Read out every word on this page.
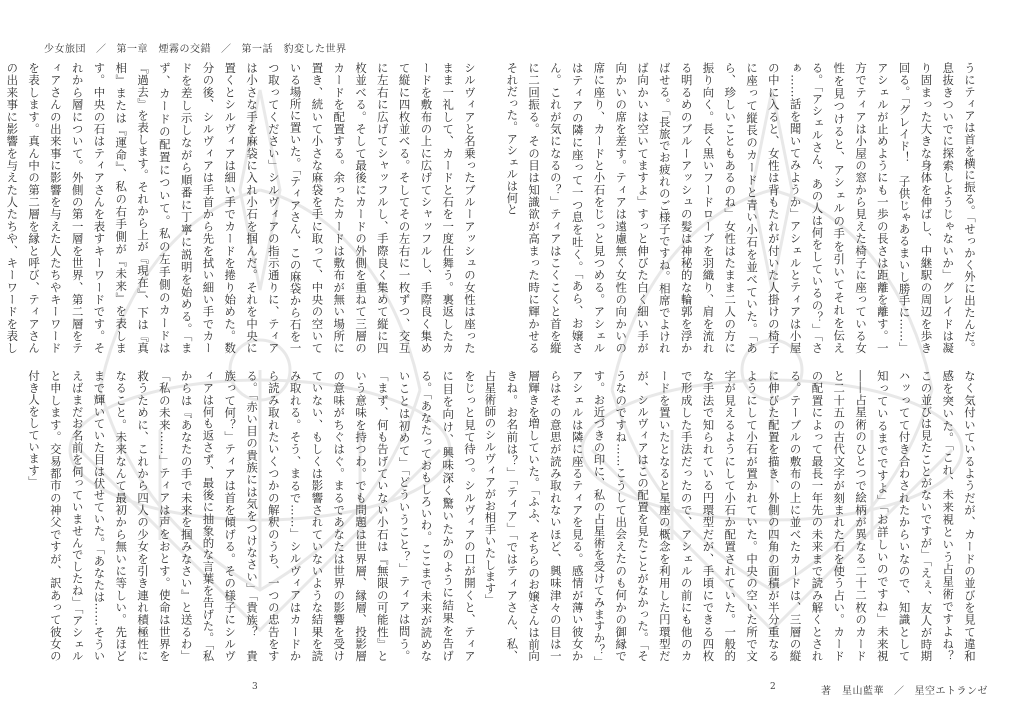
少女旅団 ／ 第一章　煙霧の交錯 ／ 第一話　豹変した世界

シルヴィアと名乗ったブルーアッシュの女性は座ったまま一礼して、カードと石を一度仕舞う。裏返したカードを敷布の上に広げてシャッフルし、手際良く集めて縦に四枚並べる。そしてその左右に一枚ずつ、交互に左右に広げてシャッフルし、手際良く集めて縦に四枚並べる。そして最後にカードの外側を重ねて三層のカードを配置する。余ったカードは敷布が無い場所に置き、続いて小さな麻袋を手に取って、中央の空いている場所に置いた。「ティアさん、この麻袋から石を一つ取ってください」シルヴィアの指示通りに、ティアは小さな手を麻袋に入れ小石を掴んだ。それを中央に置くとシルヴィアは細い手でカードを捲り始めた。数分の後、シルヴィアは手首から先を拭い細い手でカードを差し示しながら順番に丁寧に説明を始める。「まず、カードの配置について。私の左手側のカードは『過去』を表します。それから上が『現在』、下は『真相』または『運命』、私の右手側が『未来』を表します。中央の石はティアさんを表すキーワードです。それから層について。外側の第一層を世界、第二層をティアさんの出来事に影響を与えた人たちやキーワードを表します。真ん中の第二層を縁と呼び、ティアさんの出来事に影響を与えた人たちや、キーワードを表し

をじっと見て待つ。シルヴィアの口が開くと、ティアに目を向け、興味深く驚いたかのように結果を告げる。「あなたっておもしろいわ。ここまで未来が読めないことは初めて」「どういうこと？」ティアは問う。「まず、何も告げていない小石は『無限の可能性』という意味を持つわ。でも問題は世界層、縁層、投影層の意味がちぐはぐ。まるであなたは世界の影響を受けていない、もしくは影響されていないような結果を読み取れる。そう、まるで……」シルヴィアはカードから読み取れたいくつかの解釈のうち、一つの忠告をする。「赤い目の貴族には気をつけなさい」「貴族？　貴族って何？」ティアは首を傾げる。その様子にシルヴィアは何も返さず、最後に抽象的な言葉を告げた。「私からは『あなたの手で未来を掴みなさい』と送るわ」「私の未来……」ティアは声をおとす。使命は世界を救うために、これから四人の少女を引き連れ積極性になること。未来なんて最初から無いに等しい。先ほどまで輝いていた目は伏せていた。「あなたは……そういえばまだお名前を伺っていませんでしたね」「アシェルと申します。交易都市の神父ですが、訳あって彼女の付き人をしています」

3

うにティアは首を横に振る。「せっかく外に出たんだ。息抜きついでに探索しようじゃないか」グレイドは凝り固まった大きな身体を伸ばし、中継駅の周辺を歩き回る。「グレイド！　子供じゃあるまいし勝手に……」アシェルが止めようにも一歩の長さは距離を離す。一方でティアは小屋の窓から見えた椅子に座っている女性を見つけると、アシェルの手を引いてそれを伝える。「アシェルさん、あの人は何をしているの？」「さぁ……話を聞いてみようか」アシェルとティアは小屋の中に入ると、女性は背もたれが付いた人掛けの椅子に座って縦長のカードと青い小石を並べていた。「あら、珍しいこともあるのね」女性はたまま二人の方に振り向く。長く黒いフードローブを羽織り、肩を流れる明るめのブルーアッシュの髪は神秘的な輪郭を浮かばせる。「長旅でお疲れのご様子ですね。相席でよければ向かいは空いてますよ」すっと伸びた白く細い手が向かいの席を差す。ティアは遠慮無く女性の向かいの席に座り、カードと小石をじっと見つめる。アシェルはティアの隣に座って一つ息を吐く。「あら、お嬢さん。これが気になるの？」ティアはこくこくと首を縦に二回振る。その目は知識欲が高まった時に輝かせるそれだった。アシェルは何と

なく気付いているようだが、カードの並びを見て違和感を突いた。「これ、未来視という占星術ですよね？　この並びは見たことがないですが」「えぇ、友人が時期ハッってて付き合わされたからいなので、知識として知っているまでですよ」「お詳しいのですね」未来視――占星術のひとつで絵柄が異なる二十二枚のカードと二十五の古代文字が刻まれた石を使う占い。カードの配置によって最長一年先の未来まで読み解くとされる。テーブルの敷布の上に並べたカードは、三層の縦に伸びた配置を描き、外側の四角の面積が半分重なるようにして小石が置かれていた。中央の空いた所で文字が見えるようにして小石か配置されていた。一般的な手法で知られている円環型だが、手頃にできる四枚で形成した手法だったので、アシェルの前にも他のカードを置いたとなると星座の概念を利用した円環型だが、シルヴィアはこの配置を見たことがなかった。「そうなのですね……こうして出会えたのも何かの御縁です。お近づきの印に、私の占星術を受けてみますか？」アシェルは隣に座るティアを見る。感情が薄い彼女からはその意思が読み取れないほど、興味津々の目は一層輝きを増していた。「ふふ、そちらのお嬢さんは前向きね。お名前は？」「ティア」「ではティアさん、私、占星術師のシルヴィアがお相手いたします」

2	著　星山藍華 ／ 星空エトランゼ
